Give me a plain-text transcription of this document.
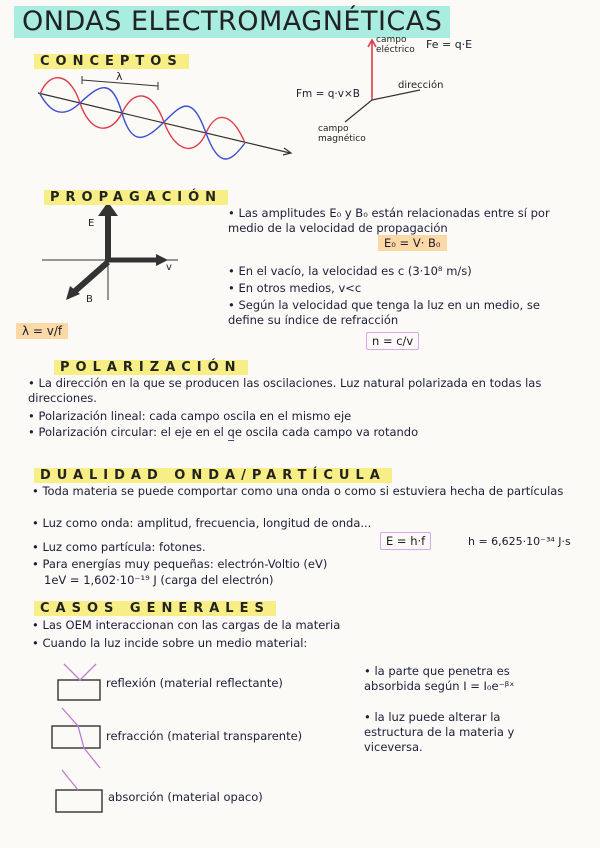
ONDAS ELECTROMAGNÉTICAS
CONCEPTOS
λ
campo eléctrico Fe = q·E
Fm = q·v×B
dirección
campo magnético
PROPAGACIÓN
E
v
B
λ = v/f
• Las amplitudes E₀ y B₀ están relacionadas entre sí por medio de la velocidad de propagación
E₀ = V· B₀
• En el vacío, la velocidad es c (3·10⁸ m/s)
• En otros medios, v<c
• Según la velocidad que tenga la luz en un medio, se define su índice de refracción
n = c/v
POLARIZACIÓN
• La dirección en la que se producen las oscilaciones. Luz natural polarizada en todas las direcciones.
• Polarización lineal: cada campo oscila en el mismo eje
• Polarización circular: el eje en el q̲e oscila cada campo va rotando
DUALIDAD ONDA/PARTÍCULA
• Toda materia se puede comportar como una onda o como si estuviera hecha de partículas
• Luz como onda: amplitud, frecuencia, longitud de onda...
• Luz como partícula: fotones.	E = h·f	h = 6,625·10⁻³⁴ J·s
• Para energías muy pequeñas: electrón-Voltio (eV)
1eV = 1,602·10⁻¹⁹ J (carga del electrón)
CASOS GENERALES
• Las OEM interaccionan con las cargas de la materia
• Cuando la luz incide sobre un medio material:
reflexión (material reflectante)
refracción (material transparente)
absorción (material opaco)
• la parte que penetra es absorbida según I = I₀e⁻ᵝˣ
• la luz puede alterar la estructura de la materia y viceversa.
